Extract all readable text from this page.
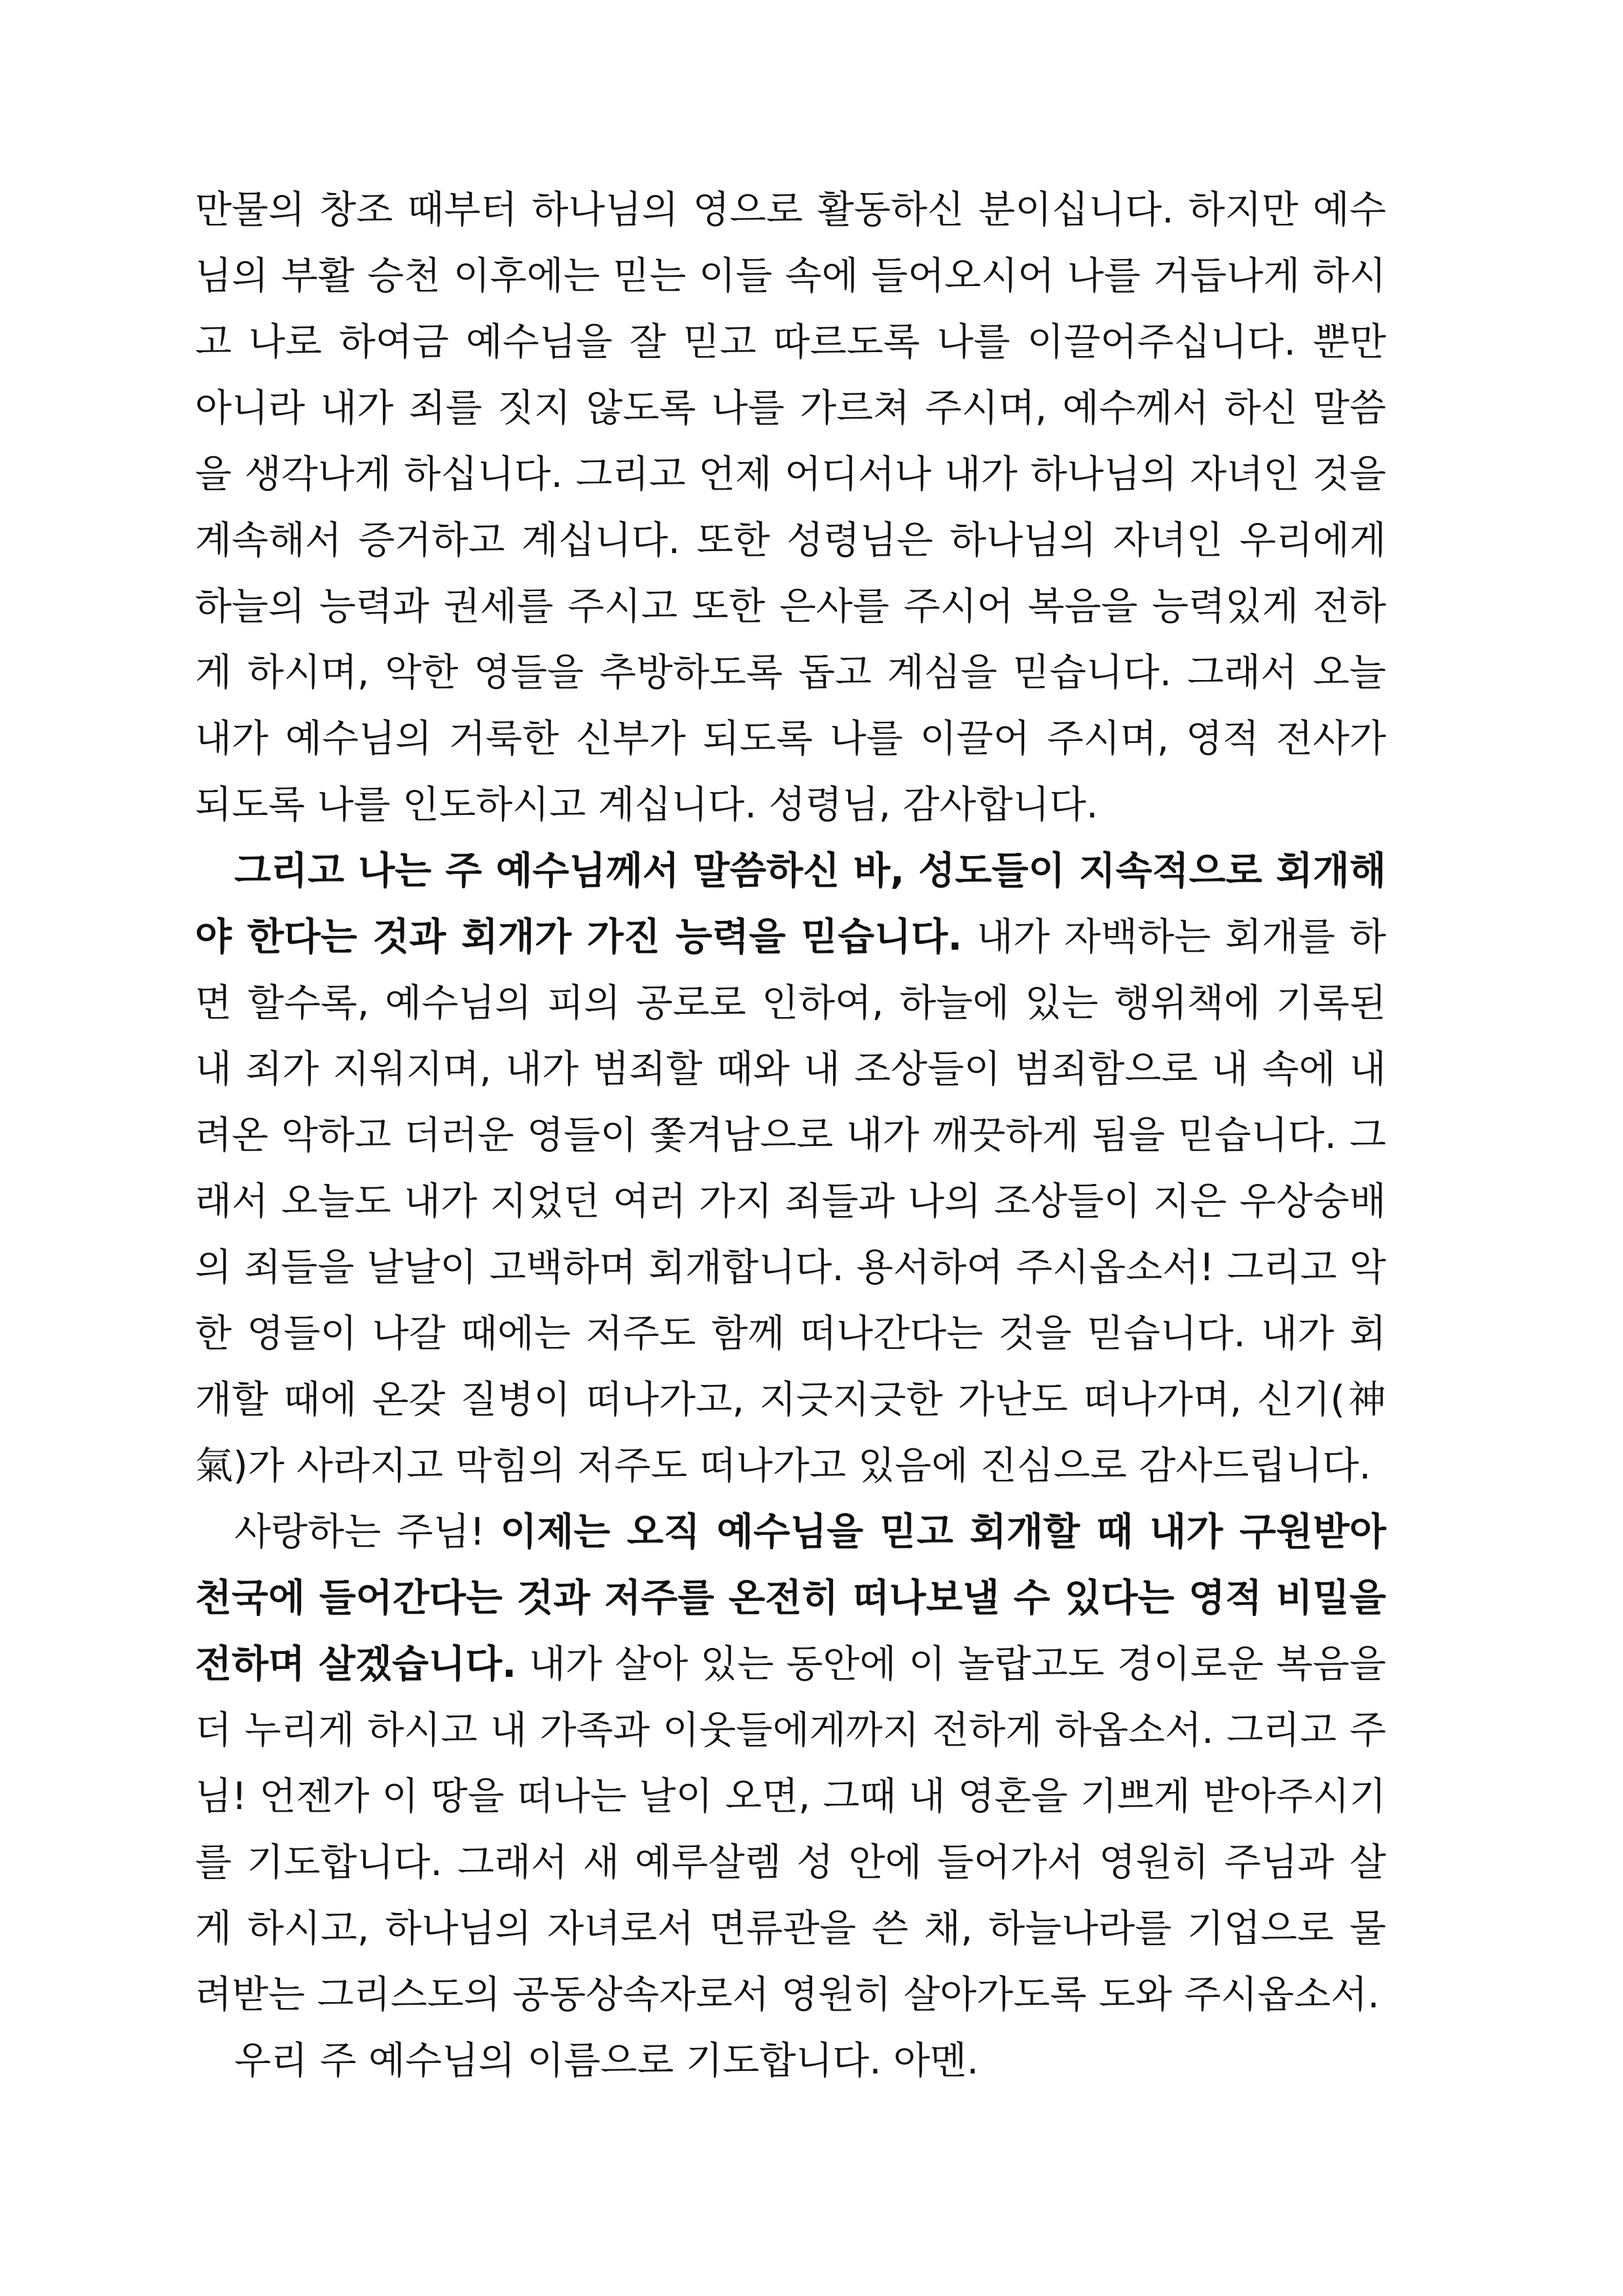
만물의 창조 때부터 하나님의 영으로 활동하신 분이십니다. 하지만 예수님의 부활 승천 이후에는 믿는 이들 속에 들어오시어 나를 거듭나게 하시고 나로 하여금 예수님을 잘 믿고 따르도록 나를 이끌어주십니다. 뿐만 아니라 내가 죄를 짓지 않도록 나를 가르쳐 주시며, 예수께서 하신 말씀을 생각나게 하십니다. 그리고 언제 어디서나 내가 하나님의 자녀인 것을 계속해서 증거하고 계십니다. 또한 성령님은 하나님의 자녀인 우리에게 하늘의 능력과 권세를 주시고 또한 은사를 주시어 복음을 능력있게 전하게 하시며, 악한 영들을 추방하도록 돕고 계심을 믿습니다. 그래서 오늘 내가 예수님의 거룩한 신부가 되도록 나를 이끌어 주시며, 영적 전사가 되도록 나를 인도하시고 계십니다. 성령님, 감사합니다.

그리고 나는 주 예수님께서 말씀하신 바, 성도들이 지속적으로 회개해야 한다는 것과 회개가 가진 능력을 믿습니다. 내가 자백하는 회개를 하면 할수록, 예수님의 피의 공로로 인하여, 하늘에 있는 행위책에 기록된 내 죄가 지워지며, 내가 범죄할 때와 내 조상들이 범죄함으로 내 속에 내려온 악하고 더러운 영들이 쫓겨남으로 내가 깨끗하게 됨을 믿습니다. 그래서 오늘도 내가 지었던 여러 가지 죄들과 나의 조상들이 지은 우상숭배의 죄들을 날날이 고백하며 회개합니다. 용서하여 주시옵소서! 그리고 악한 영들이 나갈 때에는 저주도 함께 떠나간다는 것을 믿습니다. 내가 회개할 때에 온갖 질병이 떠나가고, 지긋지긋한 가난도 떠나가며, 신기(神氣)가 사라지고 막힘의 저주도 떠나가고 있음에 진심으로 감사드립니다.

사랑하는 주님! 이제는 오직 예수님을 믿고 회개할 때 내가 구원받아 천국에 들어간다는 것과 저주를 온전히 떠나보낼 수 있다는 영적 비밀을 전하며 살겠습니다. 내가 살아 있는 동안에 이 놀랍고도 경이로운 복음을 더 누리게 하시고 내 가족과 이웃들에게까지 전하게 하옵소서. 그리고 주님! 언젠가 이 땅을 떠나는 날이 오면, 그때 내 영혼을 기쁘게 받아주시기를 기도합니다. 그래서 새 예루살렘 성 안에 들어가서 영원히 주님과 살게 하시고, 하나님의 자녀로서 면류관을 쓴 채, 하늘나라를 기업으로 물려받는 그리스도의 공동상속자로서 영원히 살아가도록 도와 주시옵소서.

우리 주 예수님의 이름으로 기도합니다. 아멘.
